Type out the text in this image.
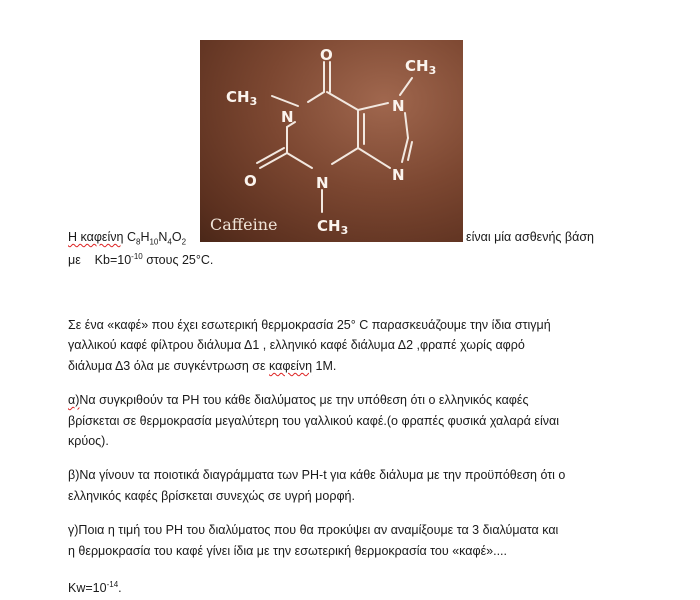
O
O
N
N
N
N
$CH_3$
$CH_3$
$CH_3$
Caffeine
Η καφείνη $C_8H_{10}N_4O_2$	είναι μία ασθενής βάση
με    $Kb=10^{-10}$ στους 25°C.
Σε ένα «καφέ» που έχει εσωτερική θερμοκρασία 25° C παρασκευάζουμε την ίδια στιγμή
γαλλικού καφέ φίλτρου διάλυμα Δ1 , ελληνικό καφέ διάλυμα Δ2 ,φραπέ χωρίς αφρό
διάλυμα Δ3 όλα με συγκέντρωση σε καφείνη 1Μ.
α)Να συγκριθούν τα PH του κάθε διαλύματος με την υπόθεση ότι ο ελληνικός καφές
βρίσκεται σε θερμοκρασία μεγαλύτερη του γαλλικού καφέ.(ο φραπές φυσικά χαλαρά είναι
κρύος).
β)Να γίνουν τα ποιοτικά διαγράμματα των PH-t για κάθε διάλυμα με την προϋπόθεση ότι ο
ελληνικός καφές βρίσκεται συνεχώς σε υγρή μορφή.
γ)Ποια η τιμή του PH του διαλύματος που θα προκύψει αν αναμίξουμε τα 3 διαλύματα και
η θερμοκρασία του καφέ γίνει ίδια με την εσωτερική θερμοκρασία του «καφέ»....
$Kw=10^{-14}$.
